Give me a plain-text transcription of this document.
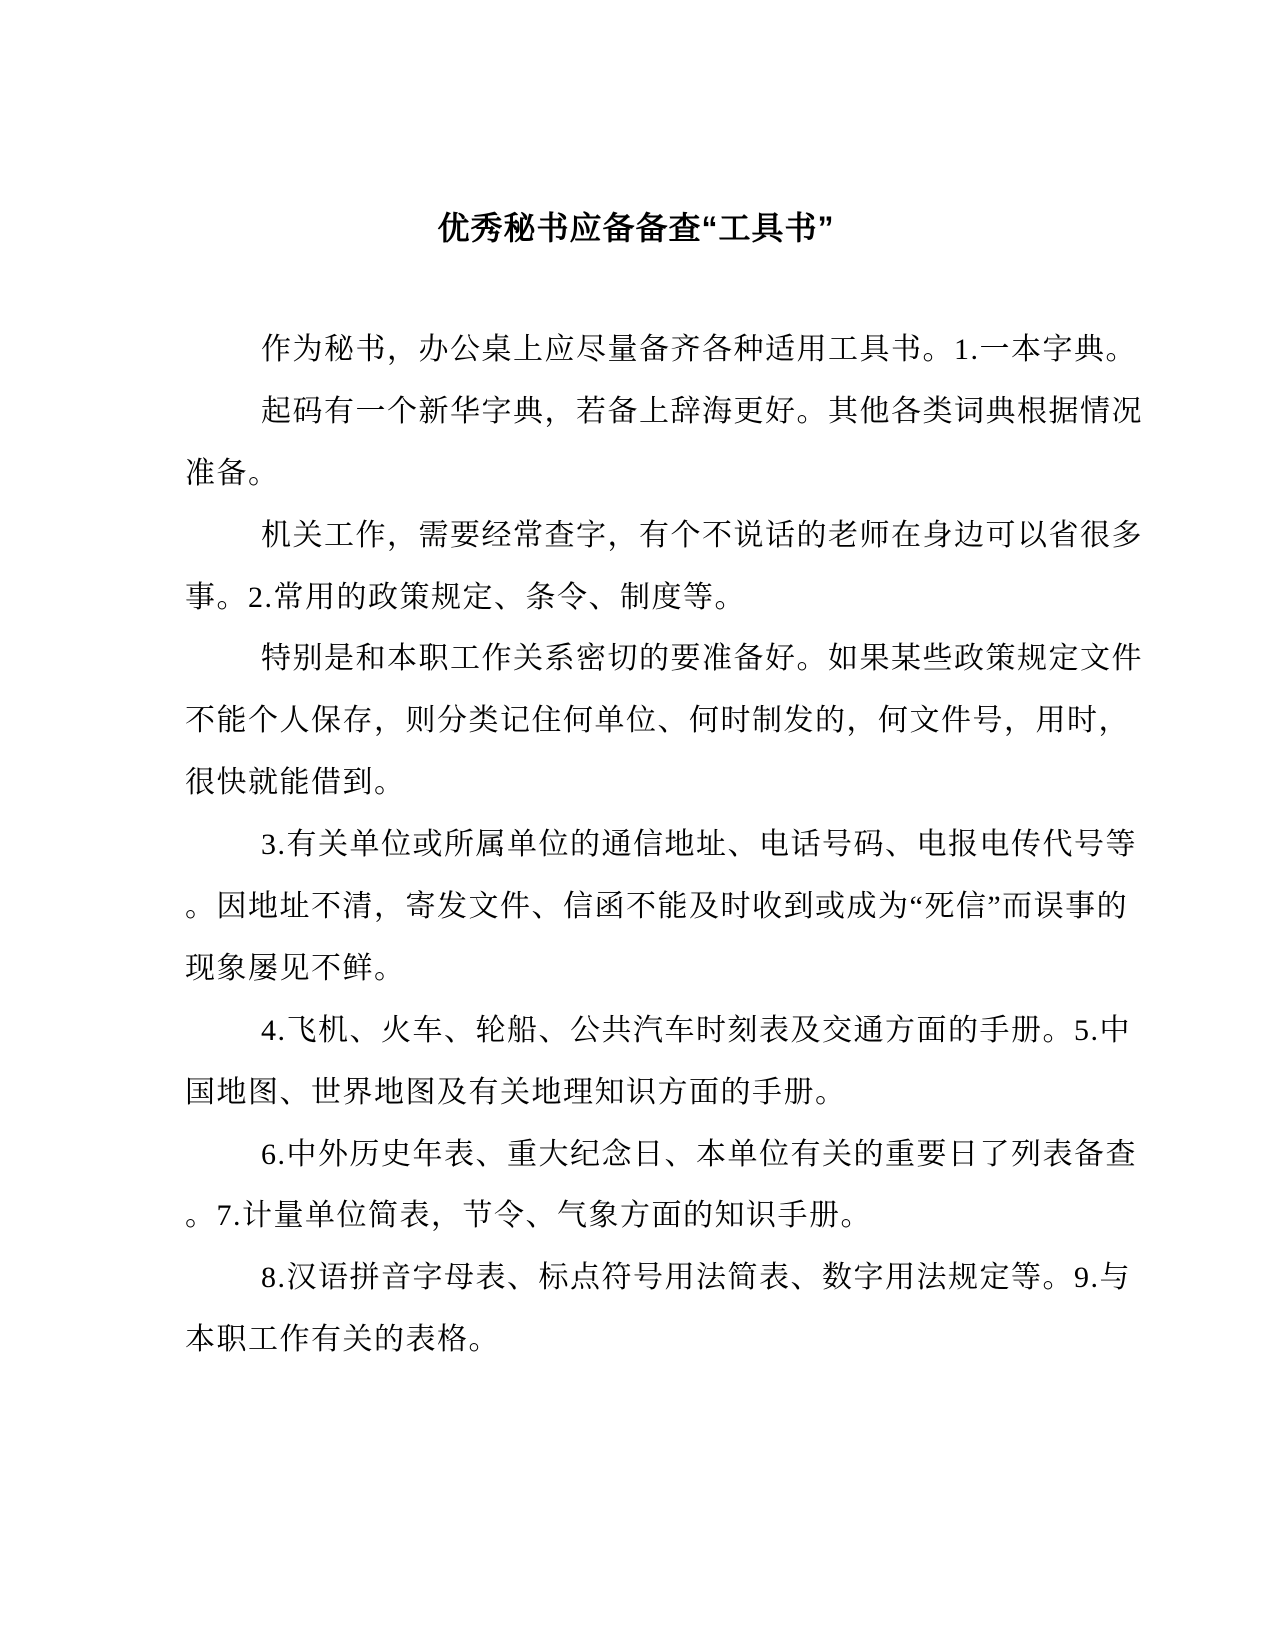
优秀秘书应备备查“工具书”
作为秘书，办公桌上应尽量备齐各种适用工具书。1.一本字典。
起码有一个新华字典，若备上辞海更好。其他各类词典根据情况
准备。
机关工作，需要经常查字，有个不说话的老师在身边可以省很多
事。2.常用的政策规定、条令、制度等。
特别是和本职工作关系密切的要准备好。如果某些政策规定文件
不能个人保存，则分类记住何单位、何时制发的，何文件号，用时，
很快就能借到。
3.有关单位或所属单位的通信地址、电话号码、电报电传代号等
。因地址不清，寄发文件、信函不能及时收到或成为“死信”而误事的
现象屡见不鲜。
4.飞机、火车、轮船、公共汽车时刻表及交通方面的手册。5.中
国地图、世界地图及有关地理知识方面的手册。
6.中外历史年表、重大纪念日、本单位有关的重要日了列表备查
。7.计量单位简表，节令、气象方面的知识手册。
8.汉语拼音字母表、标点符号用法简表、数字用法规定等。9.与
本职工作有关的表格。
